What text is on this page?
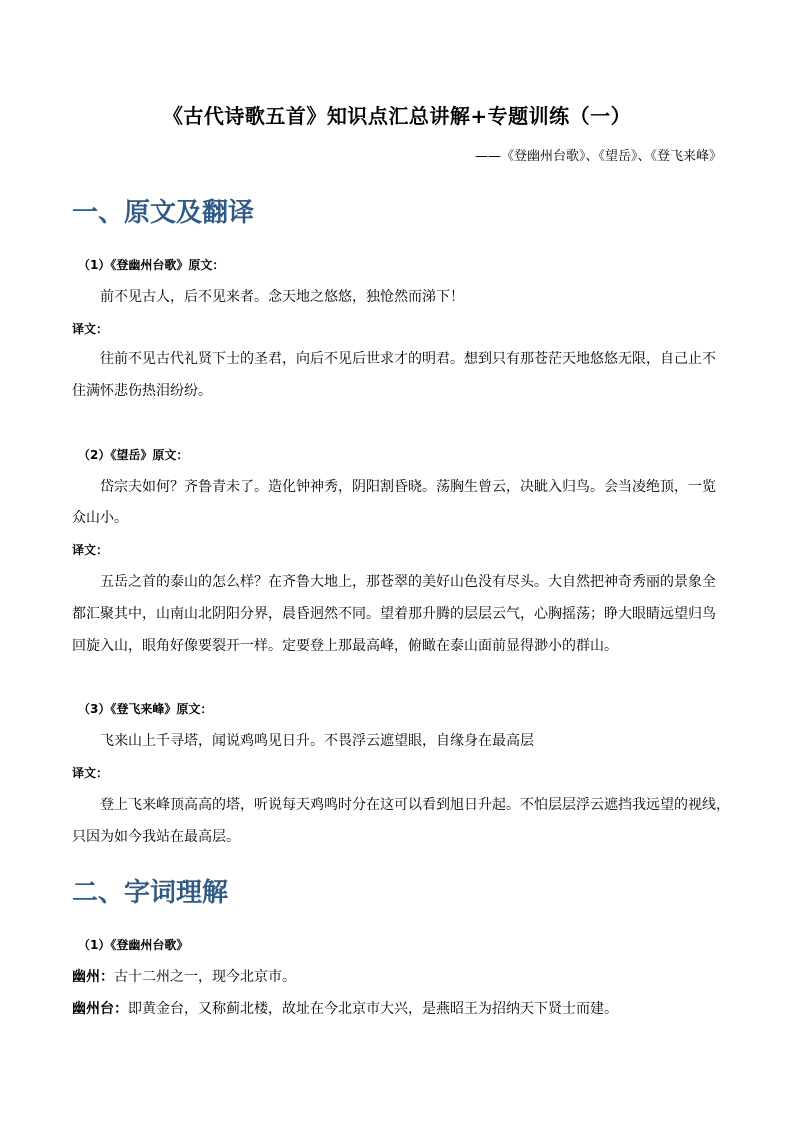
《古代诗歌五首》知识点汇总讲解+专题训练（一）
——《登幽州台歌》、《望岳》、《登飞来峰》
一、原文及翻译
（1）《登幽州台歌》原文：
前不见古人，后不见来者。念天地之悠悠，独怆然而涕下！
译文：
往前不见古代礼贤下士的圣君，向后不见后世求才的明君。想到只有那苍茫天地悠悠无限，自己止不
住满怀悲伤热泪纷纷。
（2）《望岳》原文：
岱宗夫如何？齐鲁青未了。造化钟神秀，阴阳割昏晓。荡胸生曾云，决眦入归鸟。会当凌绝顶，一览
众山小。
译文：
五岳之首的泰山的怎么样？在齐鲁大地上，那苍翠的美好山色没有尽头。大自然把神奇秀丽的景象全
都汇聚其中，山南山北阴阳分界，晨昏迥然不同。望着那升腾的层层云气，心胸摇荡；睁大眼睛远望归鸟
回旋入山，眼角好像要裂开一样。定要登上那最高峰，俯瞰在泰山面前显得渺小的群山。
（3）《登飞来峰》原文：
飞来山上千寻塔，闻说鸡鸣见日升。不畏浮云遮望眼，自缘身在最高层
译文：
登上飞来峰顶高高的塔，听说每天鸡鸣时分在这可以看到旭日升起。不怕层层浮云遮挡我远望的视线，
只因为如今我站在最高层。
二、字词理解
（1）《登幽州台歌》
幽州：古十二州之一，现今北京市。
幽州台：即黄金台，又称蓟北楼，故址在今北京市大兴，是燕昭王为招纳天下贤士而建。
